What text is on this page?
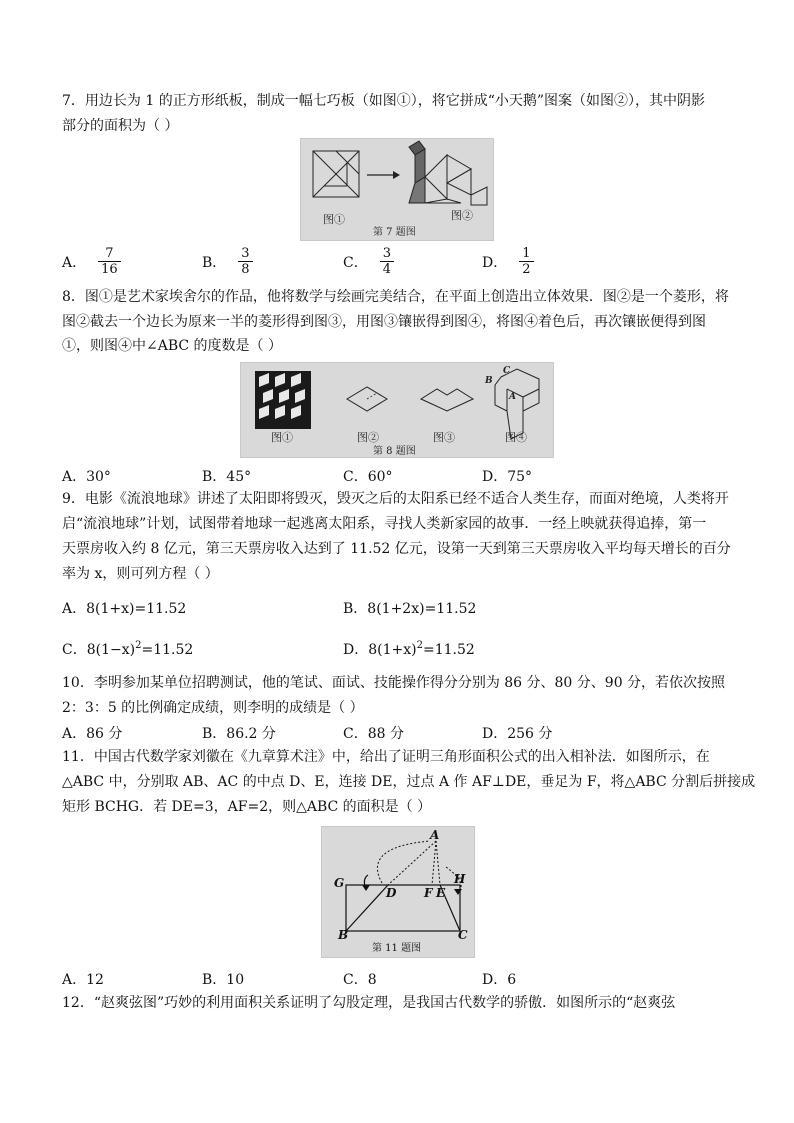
7．用边长为 1 的正方形纸板，制成一幅七巧板（如图①），将它拼成“小天鹅”图案（如图②），其中阴影
部分的面积为（ ）
图①	图②
第 7 题图
A． $\frac{7}{16}$	B． $\frac{3}{8}$	C． $\frac{3}{4}$	D． $\frac{1}{2}$
8．图①是艺术家埃舍尔的作品，他将数学与绘画完美结合，在平面上创造出立体效果．图②是一个菱形，将
图②截去一个边长为原来一半的菱形得到图③，用图③镶嵌得到图④，将图④着色后，再次镶嵌便得到图
①，则图④中∠ABC 的度数是（ ）
C
B
A
图①	图②	图③	图④
第 8 题图
A．30°	B．45°	C．60°	D．75°
9．电影《流浪地球》讲述了太阳即将毁灭，毁灭之后的太阳系已经不适合人类生存，而面对绝境，人类将开
启“流浪地球”计划，试图带着地球一起逃离太阳系，寻找人类新家园的故事．一经上映就获得追捧，第一
天票房收入约 8 亿元，第三天票房收入达到了 11.52 亿元，设第一天到第三天票房收入平均每天增长的百分
率为 x，则可列方程（ ）
A．8(1+x)=11.52	B．8(1+2x)=11.52
C．$8(1-x)^2=11.52$	D．$8(1+x)^2=11.52$
10．李明参加某单位招聘测试，他的笔试、面试、技能操作得分分别为 86 分、80 分、90 分，若依次按照
2：3：5 的比例确定成绩，则李明的成绩是（ ）
A．86 分	B．86.2 分	C．88 分	D．256 分
11．中国古代数学家刘徽在《九章算术注》中，给出了证明三角形面积公式的出入相补法．如图所示，在
△ABC 中，分别取 AB、AC 的中点 D、E，连接 DE，过点 A 作 AF⊥DE，垂足为 F，将△ABC 分割后拼接成
矩形 BCHG．若 DE=3，AF=2，则△ABC 的面积是（ ）
A
G
D F E
H
B	C
第 11 题图
A．12	B．10	C．8	D．6
12．“赵爽弦图”巧妙的利用面积关系证明了勾股定理，是我国古代数学的骄傲．如图所示的“赵爽弦
